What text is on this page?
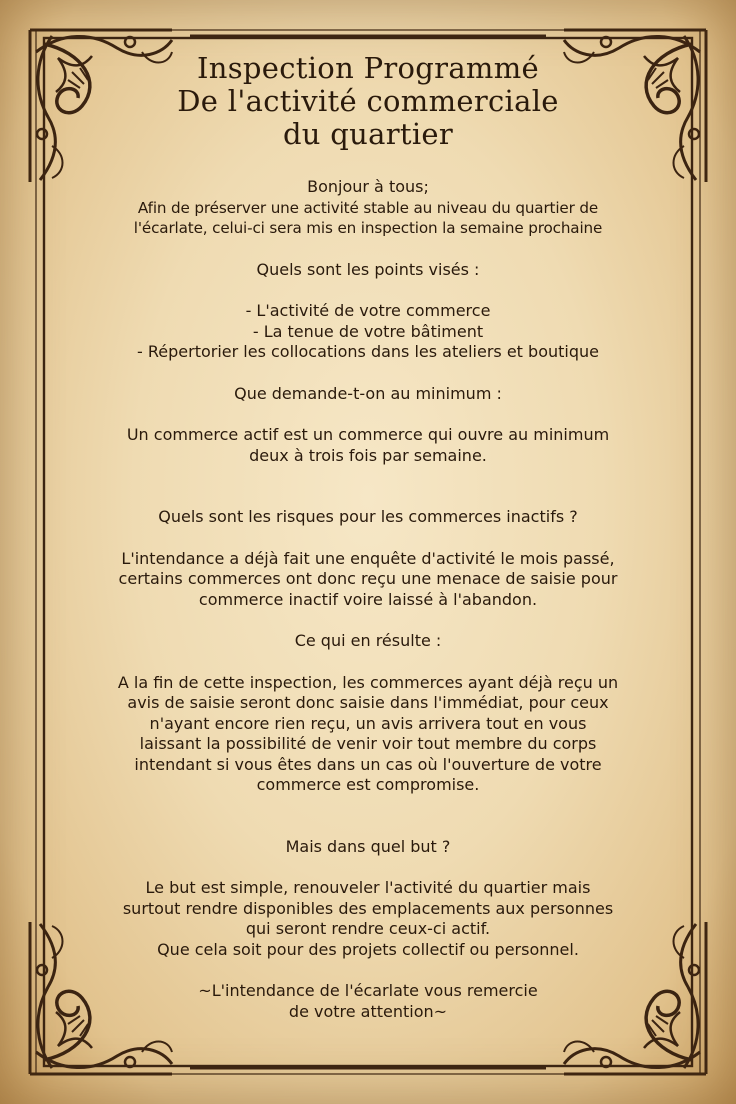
Inspection Programmé
De l'activité commerciale
du quartier

Bonjour à tous;

Afin de préserver une activité stable au niveau du quartier de

l'écarlate, celui-ci sera mis en inspection la semaine prochaine

Quels sont les points visés :

- L'activité de votre commerce

- La tenue de votre bâtiment

- Répertorier les collocations dans les ateliers et boutique

Que demande-t-on au minimum :

Un commerce actif est un commerce qui ouvre au minimum

deux à trois fois par semaine.

Quels sont les risques pour les commerces inactifs ?

L'intendance a déjà fait une enquête d'activité le mois passé,

certains commerces ont donc reçu une menace de saisie pour

commerce inactif voire laissé à l'abandon.

Ce qui en résulte :

A la fin de cette inspection, les commerces ayant déjà reçu un

avis de saisie seront donc saisie dans l'immédiat, pour ceux

n'ayant encore rien reçu, un avis arrivera tout en vous

laissant la possibilité de venir voir tout membre du corps

intendant si vous êtes dans un cas où l'ouverture de votre

commerce est compromise.

Mais dans quel but ?

Le but est simple, renouveler l'activité du quartier mais

surtout rendre disponibles des emplacements aux personnes

qui seront rendre ceux-ci actif.

Que cela soit pour des projets collectif ou personnel.

~L'intendance de l'écarlate vous remercie

de votre attention~
